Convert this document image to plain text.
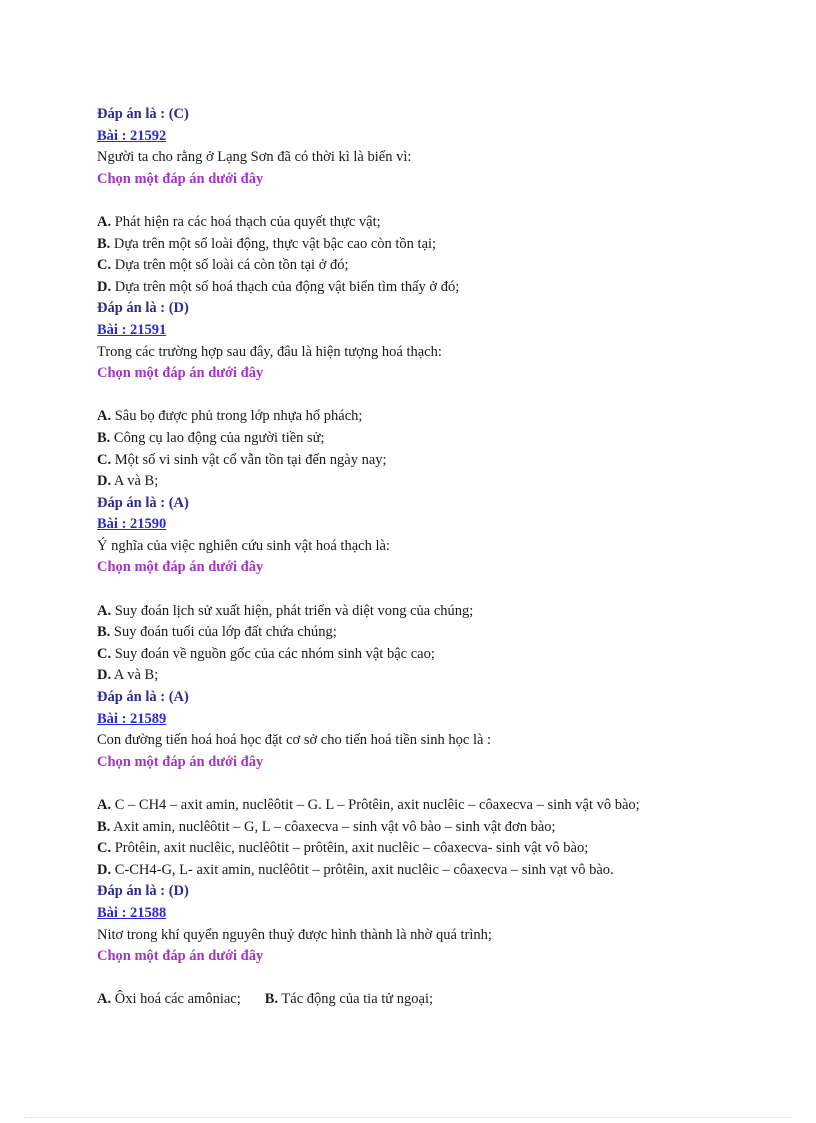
Đáp án là : (C)
Bài : 21592
Người ta cho rằng ở Lạng Sơn đã có thời kì là biển vì:
Chọn một đáp án dưới đây
A. Phát hiện ra các hoá thạch của quyết thực vật;
B. Dựa trên một số loài động, thực vật bậc cao còn tồn tại;
C. Dựa trên một số loài cá còn tồn tại ở đó;
D. Dựa trên một số hoá thạch của động vật biển tìm thấy ở đó;
Đáp án là : (D)
Bài : 21591
Trong các trường hợp sau đây, đâu là hiện tượng hoá thạch:
Chọn một đáp án dưới đây
A. Sâu bọ được phủ trong lớp nhựa hổ phách;
B. Công cụ lao động của người tiền sử;
C. Một số vi sinh vật cổ vẫn tồn tại đến ngày nay;
D. A và B;
Đáp án là : (A)
Bài : 21590
Ý nghĩa của việc nghiên cứu sinh vật hoá thạch là:
Chọn một đáp án dưới đây
A. Suy đoán lịch sử xuất hiện, phát triển và diệt vong của chúng;
B. Suy đoán tuổi của lớp đất chứa chúng;
C. Suy đoán về nguồn gốc của các nhóm sinh vật bậc cao;
D. A và B;
Đáp án là : (A)
Bài : 21589
Con đường tiến hoá hoá học đặt cơ sở cho tiến hoá tiền sinh học là :
Chọn một đáp án dưới đây
A. C – CH4 – axit amin, nuclêôtit – G. L – Prôtêin, axit nuclêic – côaxecva – sinh vật vô bào;
B. Axit amin, nuclêôtit – G, L – côaxecva – sinh vật vô bào – sinh vật đơn bào;
C. Prôtêin, axit nuclêic, nuclêôtit – prôtêin, axit nuclêic – côaxecva- sinh vật vô bào;
D. C-CH4-G, L- axit amin, nuclêôtit – prôtêin, axit nuclêic – côaxecva – sinh vạt vô bào.
Đáp án là : (D)
Bài : 21588
Nitơ trong khí quyển nguyên thuỷ được hình thành là nhờ quá trình;
Chọn một đáp án dưới đây
A. Ôxi hoá các amôniac; B. Tác động của tia tử ngoại;
